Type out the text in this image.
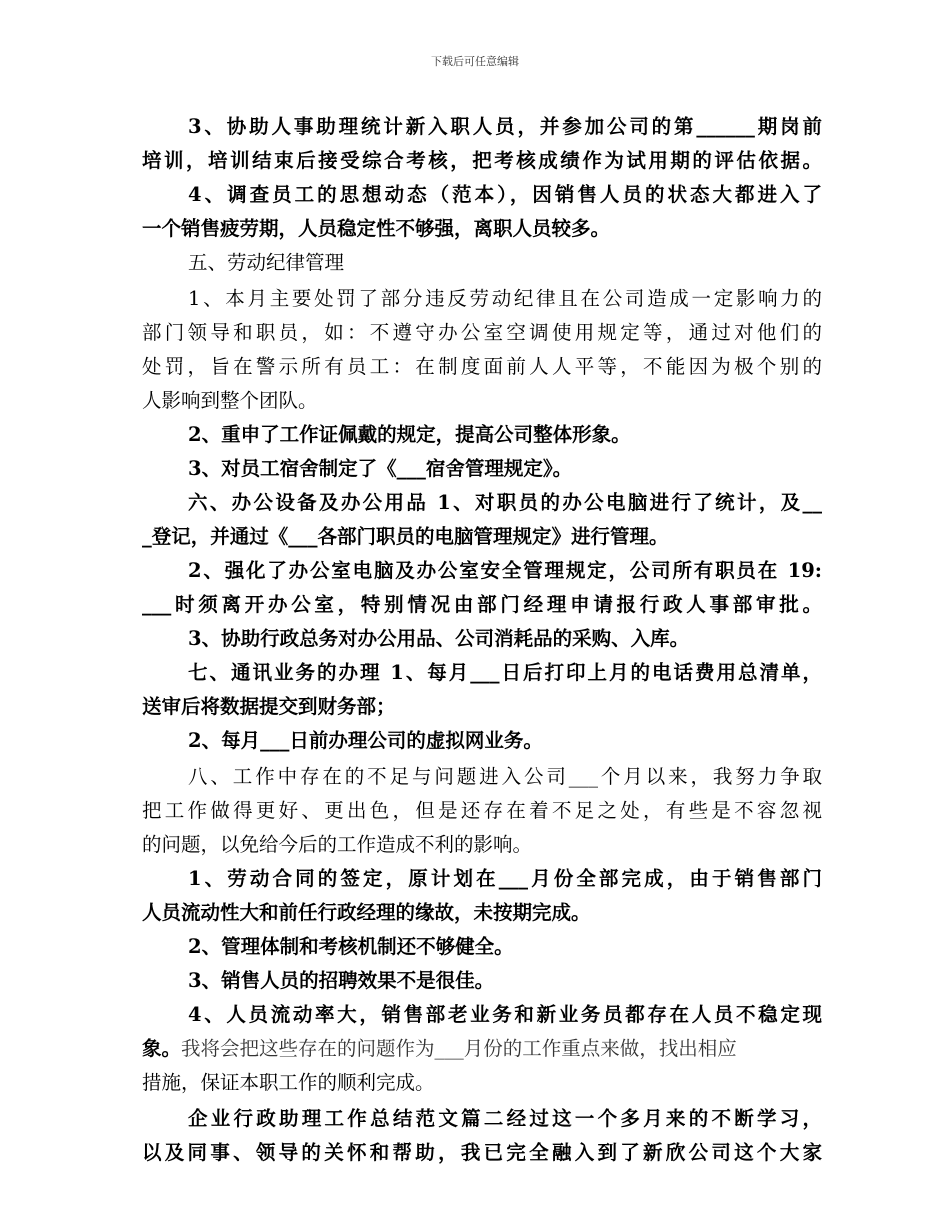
下载后可任意编辑
3、协助人事助理统计新入职人员，并参加公司的第______期岗前
培训，培训结束后接受综合考核，把考核成绩作为试用期的评估依据。
4、调查员工的思想动态（范本），因销售人员的状态大都进入了
一个销售疲劳期，人员稳定性不够强，离职人员较多。
五、劳动纪律管理
1、本月主要处罚了部分违反劳动纪律且在公司造成一定影响力的
部门领导和职员，如：不遵守办公室空调使用规定等，通过对他们的
处罚，旨在警示所有员工：在制度面前人人平等，不能因为极个别的
人影响到整个团队。
2、重申了工作证佩戴的规定，提高公司整体形象。
3、对员工宿舍制定了《___宿舍管理规定》。
六、办公设备及办公用品 1、对职员的办公电脑进行了统计，及__
_登记，并通过《___各部门职员的电脑管理规定》进行管理。
2、强化了办公室电脑及办公室安全管理规定，公司所有职员在 19:
___时须离开办公室，特别情况由部门经理申请报行政人事部审批。
3、协助行政总务对办公用品、公司消耗品的采购、入库。
七、通讯业务的办理 1、每月___日后打印上月的电话费用总清单，
送审后将数据提交到财务部；
2、每月___日前办理公司的虚拟网业务。
八、工作中存在的不足与问题进入公司___个月以来，我努力争取
把工作做得更好、更出色，但是还存在着不足之处，有些是不容忽视
的问题，以免给今后的工作造成不利的影响。
1、劳动合同的签定，原计划在___月份全部完成，由于销售部门
人员流动性大和前任行政经理的缘故，未按期完成。
2、管理体制和考核机制还不够健全。
3、销售人员的招聘效果不是很佳。
4、人员流动率大，销售部老业务和新业务员都存在人员不稳定现
象。我将会把这些存在的问题作为___月份的工作重点来做，找出相应
措施，保证本职工作的顺利完成。
企业行政助理工作总结范文篇二经过这一个多月来的不断学习，
以及同事、领导的关怀和帮助，我已完全融入到了新欣公司这个大家
